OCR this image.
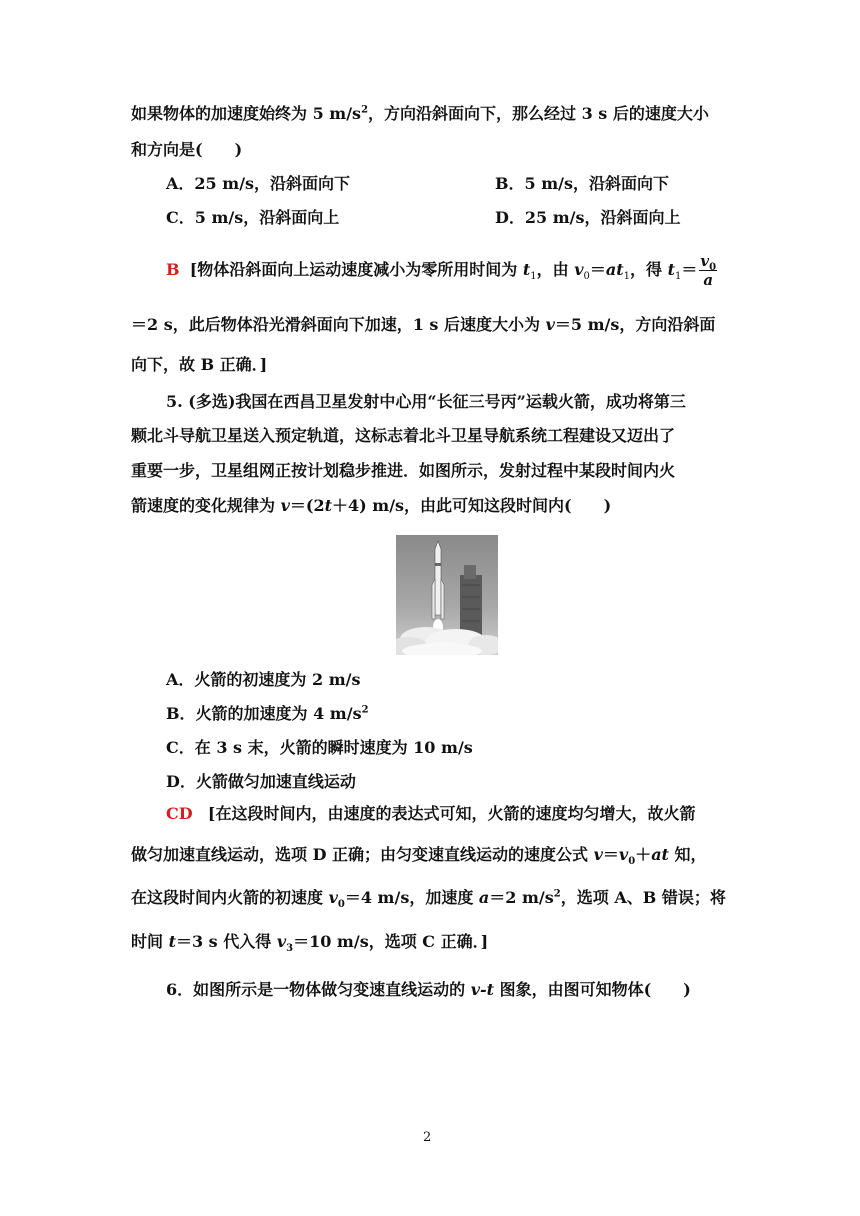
如果物体的加速度始终为 5 $m/s^2$，方向沿斜面向下，那么经过 3 s 后的速度大小
和方向是(　　)
A．25 m/s，沿斜面向下	B．5 m/s，沿斜面向下
C．5 m/s，沿斜面向上	D．25 m/s，沿斜面向上
B [物体沿斜面向上运动速度减小为零所用时间为 $t_1$，由 $v_0=at_1$，得 $t_1= \frac{v_0}{a}$
＝2 s，此后物体沿光滑斜面向下加速，1 s 后速度大小为 v＝5 m/s，方向沿斜面
向下，故 B 正确．]
5. (多选)我国在西昌卫星发射中心用“长征三号丙”运载火箭，成功将第三
颗北斗导航卫星送入预定轨道，这标志着北斗卫星导航系统工程建设又迈出了
重要一步，卫星组网正按计划稳步推进．如图所示，发射过程中某段时间内火
箭速度的变化规律为 v＝(2t＋4) m/s，由此可知这段时间内(　　)
A．火箭的初速度为 2 m/s
B．火箭的加速度为 4 $m/s^2$
C．在 3 s 末，火箭的瞬时速度为 10 m/s
D．火箭做匀加速直线运动
CD [在这段时间内，由速度的表达式可知，火箭的速度均匀增大，故火箭
做匀加速直线运动，选项 D 正确；由匀变速直线运动的速度公式 $v=v_0+at$ 知，
在这段时间内火箭的初速度 $v_0=4$ m/s，加速度 a＝2 $m/s^2$，选项 A、B 错误；将
时间 t＝3 s 代入得 $v_3=10$ m/s，选项 C 正确．]
6．如图所示是一物体做匀变速直线运动的 v-t 图象，由图可知物体(　　)
2
